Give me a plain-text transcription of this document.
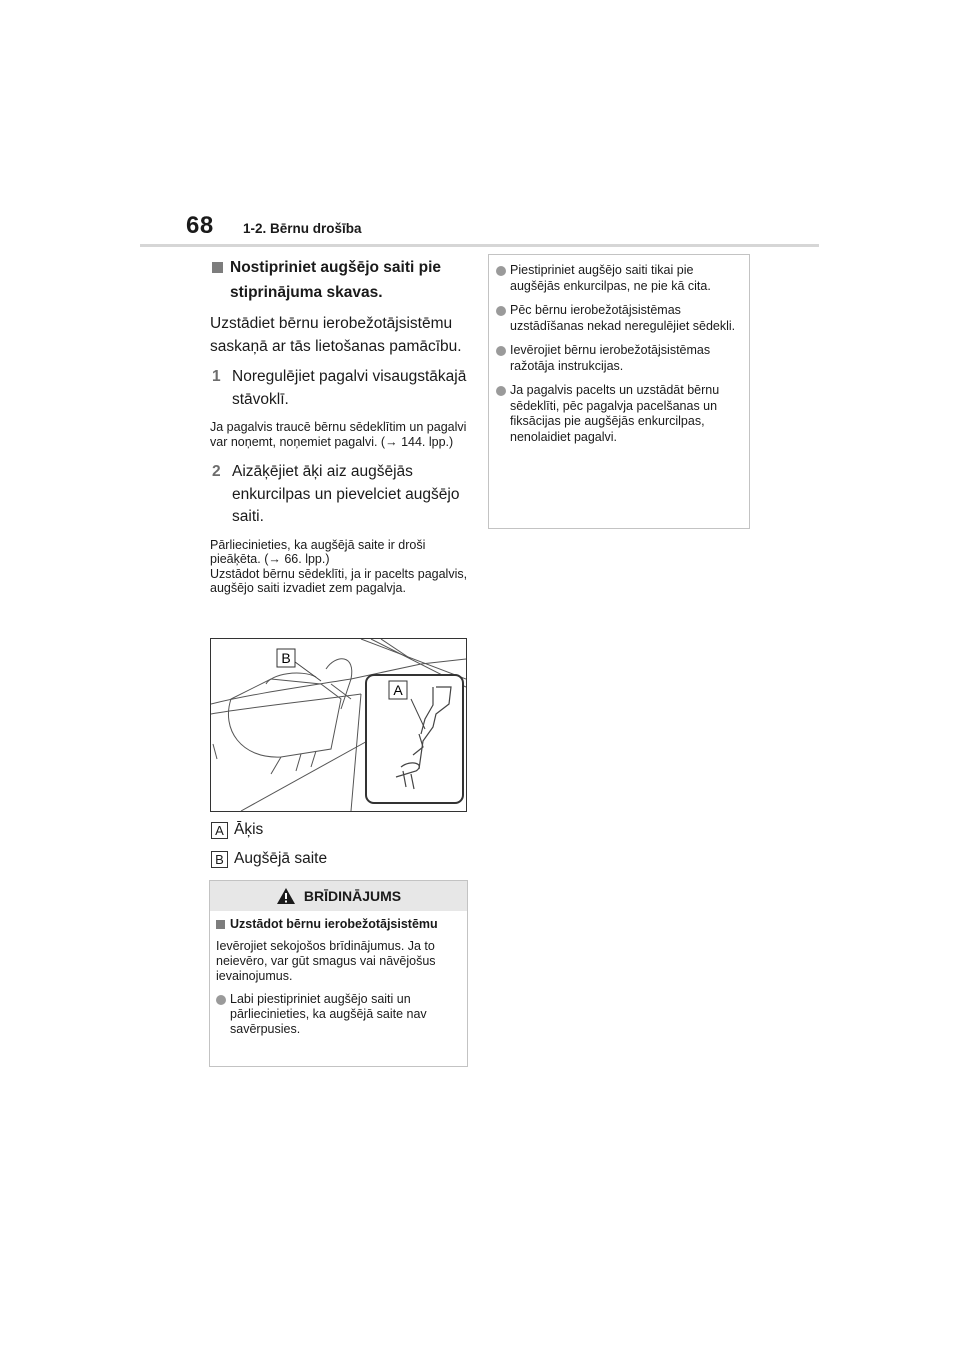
68 1-2. Bērnu drošība
Nostipriniet augšējo saiti pie stiprinājuma skavas.
Uzstādiet bērnu ierobežotājsistēmu saskaņā ar tās lietošanas pamācību.
1 Noregulējiet pagalvi visaugstākajā stāvoklī.

Ja pagalvis traucē bērnu sēdeklītim un pagalvi var noņemt, noņemiet pagalvi. (→ 144. lpp.)

2 Aizāķējiet āķi aiz augšējās enkurcilpas un pievelciet augšējo saiti.

Pārliecinieties, ka augšējā saite ir droši pieāķēta. (→ 66. lpp.)

Uzstādot bērnu sēdeklīti, ja ir pacelts pagalvis, augšējo saiti izvadiet zem pagalvja.

B
A
A Āķis
B Augšējā saite
BRĪDINĀJUMS
Uzstādot bērnu ierobežotājsistēmu
Ievērojiet sekojošos brīdinājumus. Ja to neievēro, var gūt smagus vai nāvējošus ievainojumus.
Labi piestipriniet augšējo saiti un pārliecinieties, ka augšējā saite nav savērpusies.
Piestipriniet augšējo saiti tikai pie augšējās enkurcilpas, ne pie kā cita.
Pēc bērnu ierobežotājsistēmas uzstādīšanas nekad neregulējiet sēdekli.
Ievērojiet bērnu ierobežotājsistēmas ražotāja instrukcijas.
Ja pagalvis pacelts un uzstādāt bērnu sēdeklīti, pēc pagalvja pacelšanas un fiksācijas pie augšējās enkurcilpas, nenolaidiet pagalvi.
